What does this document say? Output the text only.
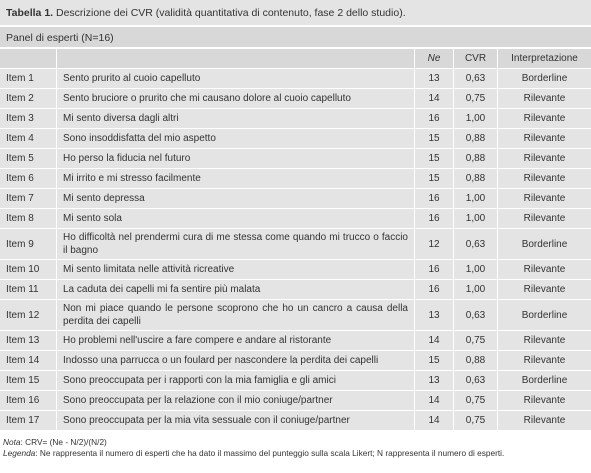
Tabella 1. Descrizione dei CVR (validità quantitativa di contenuto, fase 2 dello studio).
Panel di esperti (N=16)
		Ne	CVR	Interpretazione
Item 1	Sento prurito al cuoio capelluto	13	0,63	Borderline
Item 2	Sento bruciore o prurito che mi causano dolore al cuoio capelluto	14	0,75	Rilevante
Item 3	Mi sento diversa dagli altri	16	1,00	Rilevante
Item 4	Sono insoddisfatta del mio aspetto	15	0,88	Rilevante
Item 5	Ho perso la fiducia nel futuro	15	0,88	Rilevante
Item 6	Mi irrito e mi stresso facilmente	15	0,88	Rilevante
Item 7	Mi sento depressa	16	1,00	Rilevante
Item 8	Mi sento sola	16	1,00	Rilevante
Item 9	Ho difficoltà nel prendermi cura di me stessa come quando mi trucco o faccio il bagno	12	0,63	Borderline
Item 10	Mi sento limitata nelle attività ricreative	16	1,00	Rilevante
Item 11	La caduta dei capelli mi fa sentire più malata	16	1,00	Rilevante
Item 12	Non mi piace quando le persone scoprono che ho un cancro a causa della perdita dei capelli	13	0,63	Borderline
Item 13	Ho problemi nell'uscire a fare compere e andare al ristorante	14	0,75	Rilevante
Item 14	Indosso una parrucca o un foulard per nascondere la perdita dei capelli	15	0,88	Rilevante
Item 15	Sono preoccupata per i rapporti con la mia famiglia e gli amici	13	0,63	Borderline
Item 16	Sono preoccupata per la relazione con il mio coniuge/partner	14	0,75	Rilevante
Item 17	Sono preoccupata per la mia vita sessuale con il coniuge/partner	14	0,75	Rilevante
Nota: CRV= (Ne - N/2)/(N/2)
Legenda: Ne rappresenta il numero di esperti che ha dato il massimo del punteggio sulla scala Likert; N rappresenta il numero di esperti.
